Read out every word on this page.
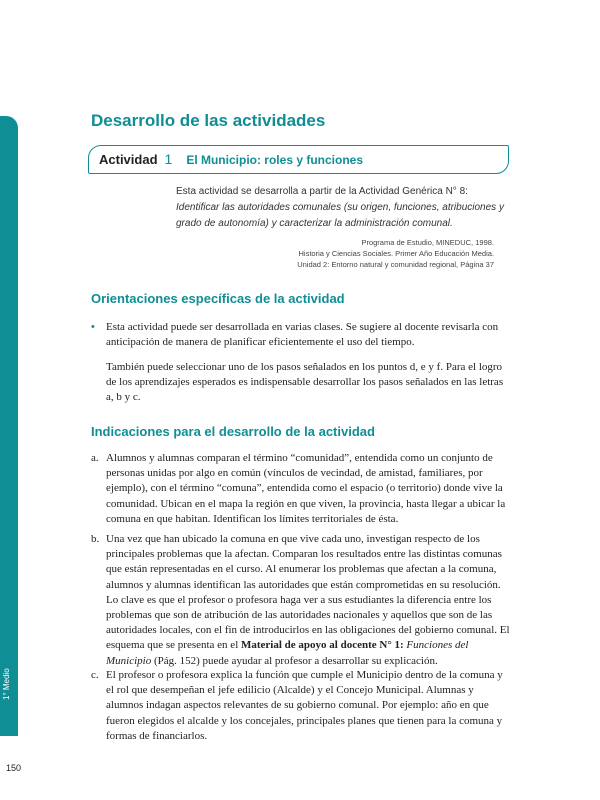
1° Medio
150
Desarrollo de las actividades
Actividad 1 El Municipio: roles y funciones
Esta actividad se desarrolla a partir de la Actividad Genérica N° 8: Identificar las autoridades comunales (su origen, funciones, atribuciones y grado de autonomía) y caracterizar la administración comunal.
Programa de Estudio, MINEDUC, 1998.
Historia y Ciencias Sociales. Primer Año Educación Media.
Unidad 2: Entorno natural y comunidad regional, Página 37
Orientaciones específicas de la actividad
• Esta actividad puede ser desarrollada en varias clases. Se sugiere al docente revisarla con anticipación de manera de planificar eficientemente el uso del tiempo.
También puede seleccionar uno de los pasos señalados en los puntos d, e y f. Para el logro de los aprendizajes esperados es indispensable desarrollar los pasos señalados en las letras a, b y c.
Indicaciones para el desarrollo de la actividad
a. Alumnos y alumnas comparan el término “comunidad”, entendida como un conjunto de personas unidas por algo en común (vínculos de vecindad, de amistad, familiares, por ejemplo), con el término “comuna”, entendida como el espacio (o territorio) donde vive la comunidad. Ubican en el mapa la región en que viven, la provincia, hasta llegar a ubicar la comuna en que habitan. Identifican los límites territoriales de ésta.
b. Una vez que han ubicado la comuna en que vive cada uno, investigan respecto de los principales problemas que la afectan. Comparan los resultados entre las distintas comunas que están representadas en el curso. Al enumerar los problemas que afectan a la comuna, alumnos y alumnas identifican las autoridades que están comprometidas en su resolución. Lo clave es que el profesor o profesora haga ver a sus estudiantes la diferencia entre los problemas que son de atribución de las autoridades nacionales y aquellos que son de las autoridades locales, con el fin de introducirlos en las obligaciones del gobierno comunal. El esquema que se presenta en el Material de apoyo al docente N° 1: Funciones del Municipio (Pág. 152) puede ayudar al profesor a desarrollar su explicación.
c. El profesor o profesora explica la función que cumple el Municipio dentro de la comuna y el rol que desempeñan el jefe edilicio (Alcalde) y el Concejo Municipal. Alumnas y alumnos indagan aspectos relevantes de su gobierno comunal. Por ejemplo: año en que fueron elegidos el alcalde y los concejales, principales planes que tienen para la comuna y formas de financiarlos.
